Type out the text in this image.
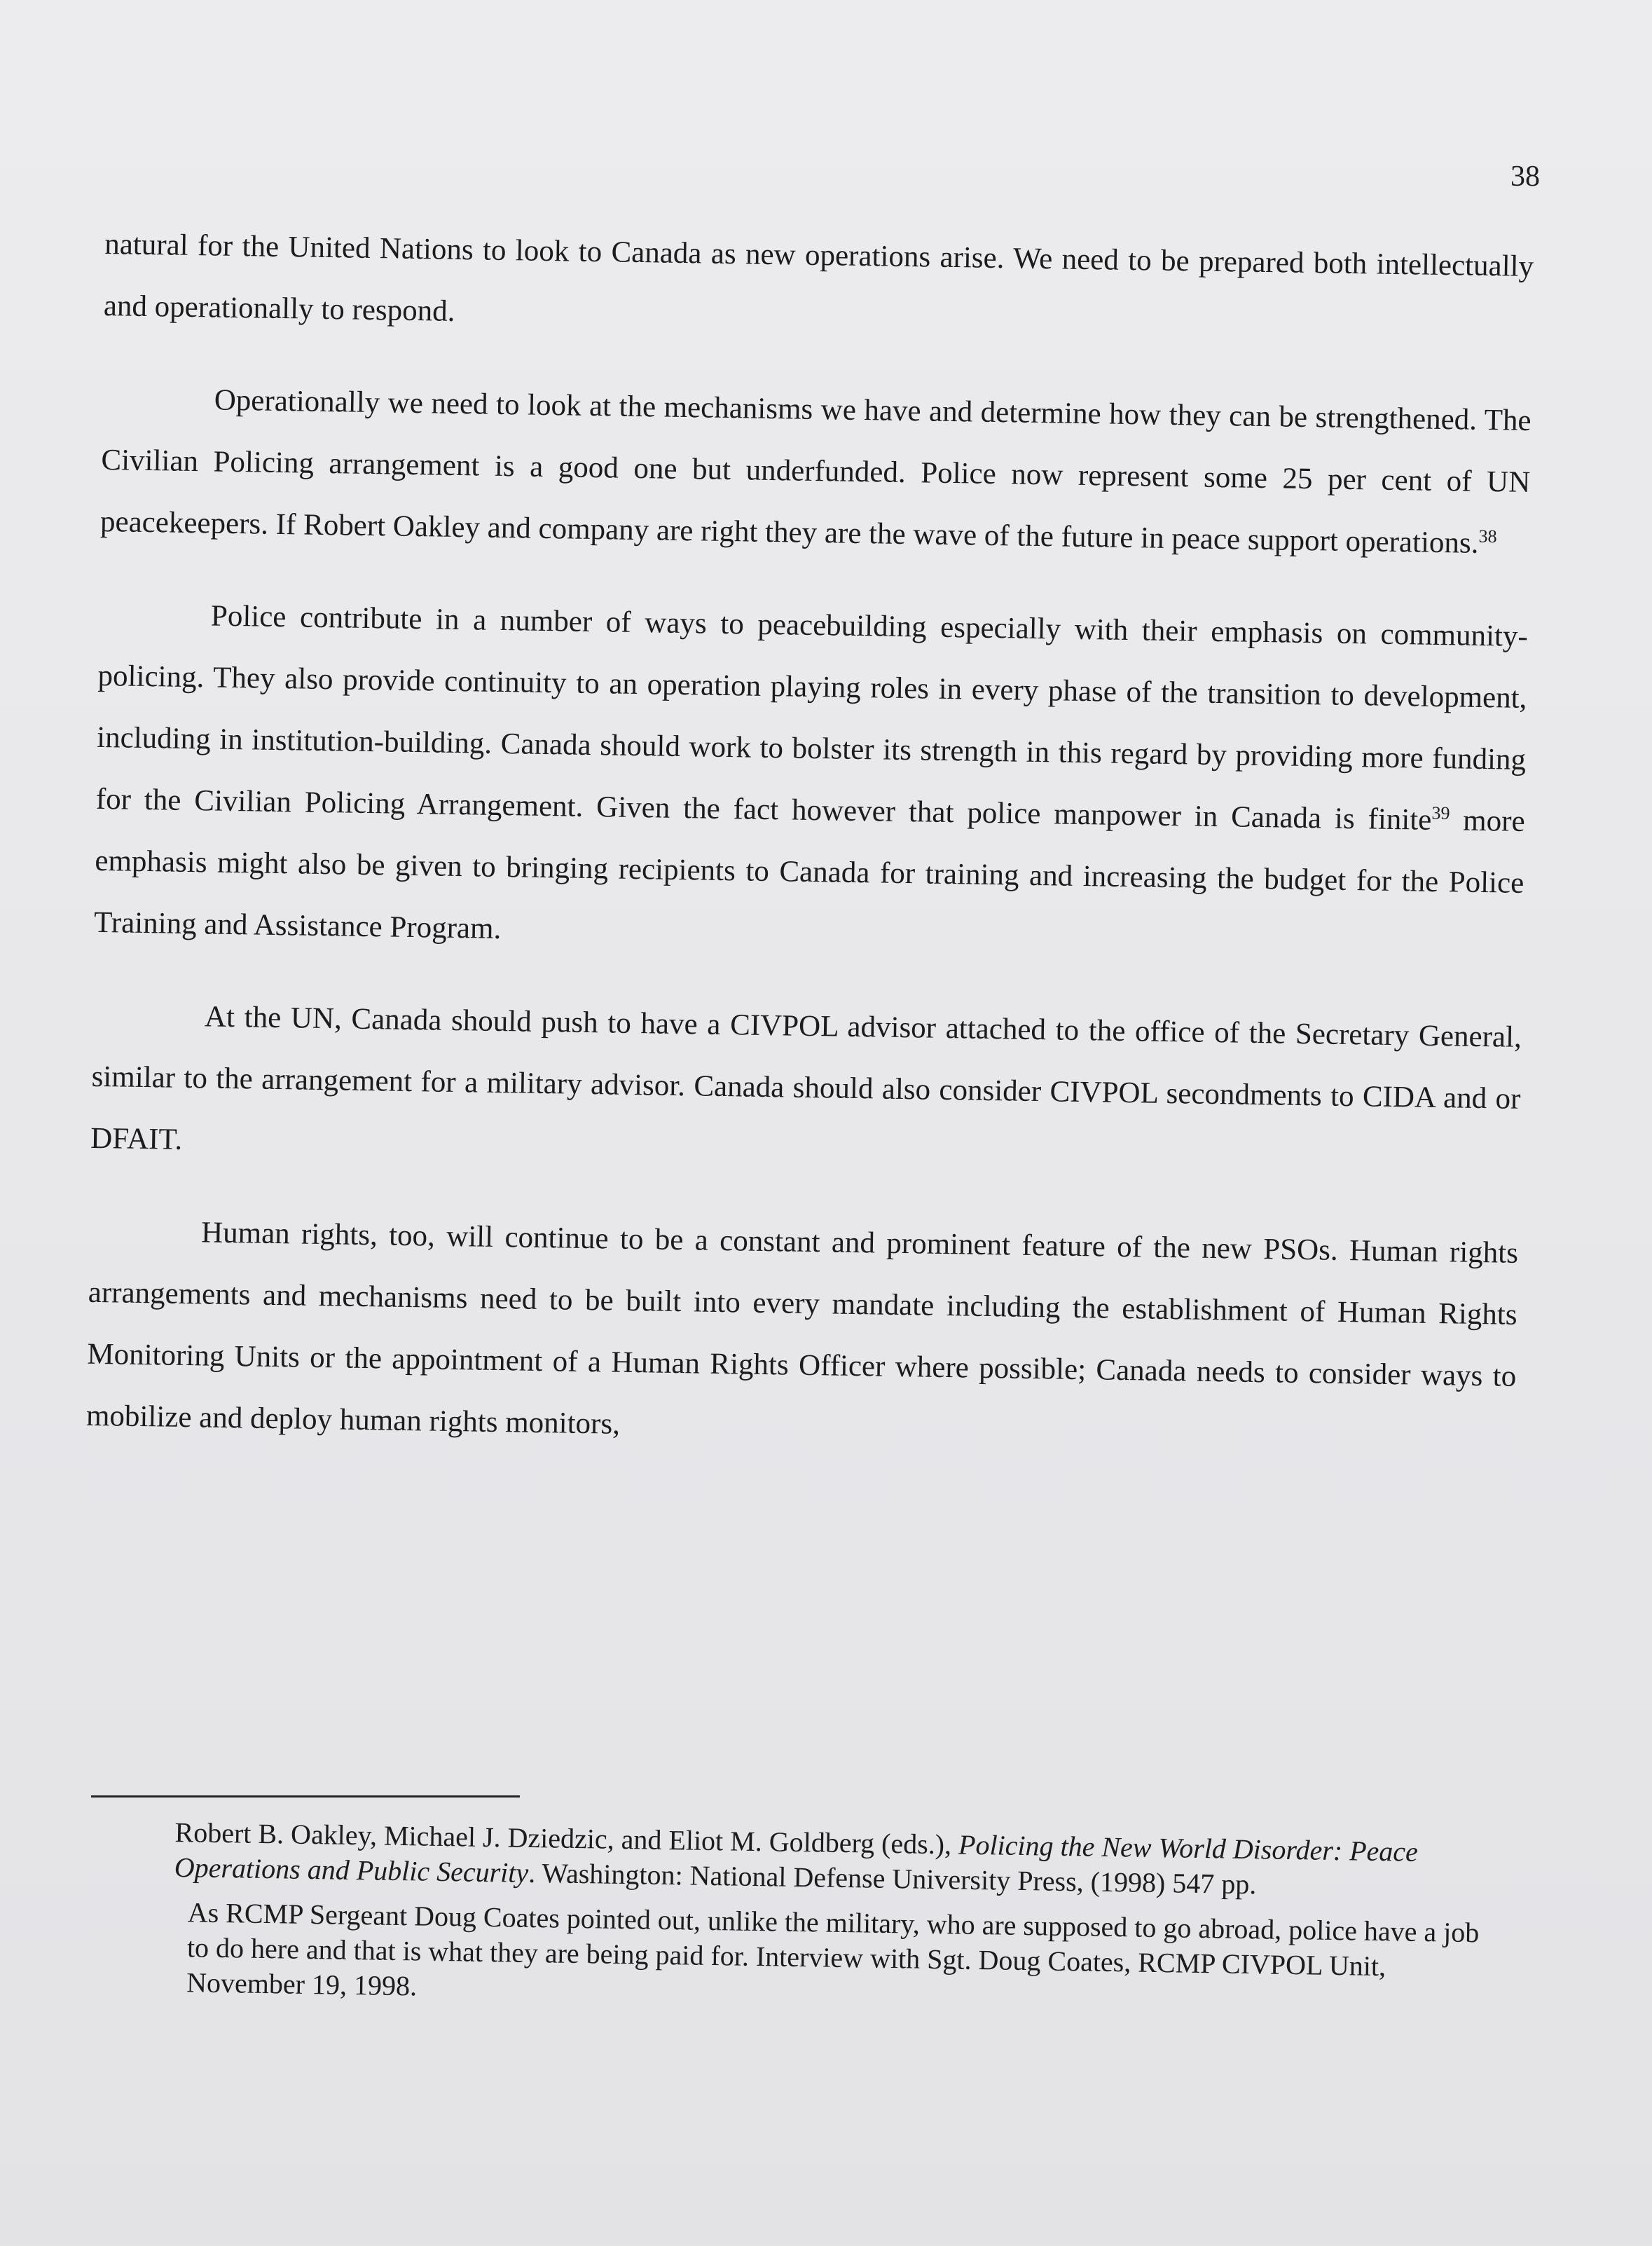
38

natural for the United Nations to look to Canada as new operations arise. We need to be prepared both intellectually and operationally to respond.

Operationally we need to look at the mechanisms we have and determine how they can be strengthened. The Civilian Policing arrangement is a good one but underfunded. Police now represent some 25 per cent of UN peacekeepers. If Robert Oakley and company are right they are the wave of the future in peace support operations.$^{38}$

Police contribute in a number of ways to peacebuilding especially with their emphasis on community-policing. They also provide continuity to an operation playing roles in every phase of the transition to development, including in institution-building. Canada should work to bolster its strength in this regard by providing more funding for the Civilian Policing Arrangement. Given the fact however that police manpower in Canada is finite$^{39}$ more emphasis might also be given to bringing recipients to Canada for training and increasing the budget for the Police Training and Assistance Program.

At the UN, Canada should push to have a CIVPOL advisor attached to the office of the Secretary General, similar to the arrangement for a military advisor. Canada should also consider CIVPOL secondments to CIDA and or DFAIT.

Human rights, too, will continue to be a constant and prominent feature of the new PSOs. Human rights arrangements and mechanisms need to be built into every mandate including the establishment of Human Rights Monitoring Units or the appointment of a Human Rights Officer where possible; Canada needs to consider ways to mobilize and deploy human rights monitors,

Robert B. Oakley, Michael J. Dziedzic, and Eliot M. Goldberg (eds.), Policing the New World Disorder: Peace Operations and Public Security. Washington: National Defense University Press, (1998) 547 pp.

As RCMP Sergeant Doug Coates pointed out, unlike the military, who are supposed to go abroad, police have a job to do here and that is what they are being paid for. Interview with Sgt. Doug Coates, RCMP CIVPOL Unit, November 19, 1998.
